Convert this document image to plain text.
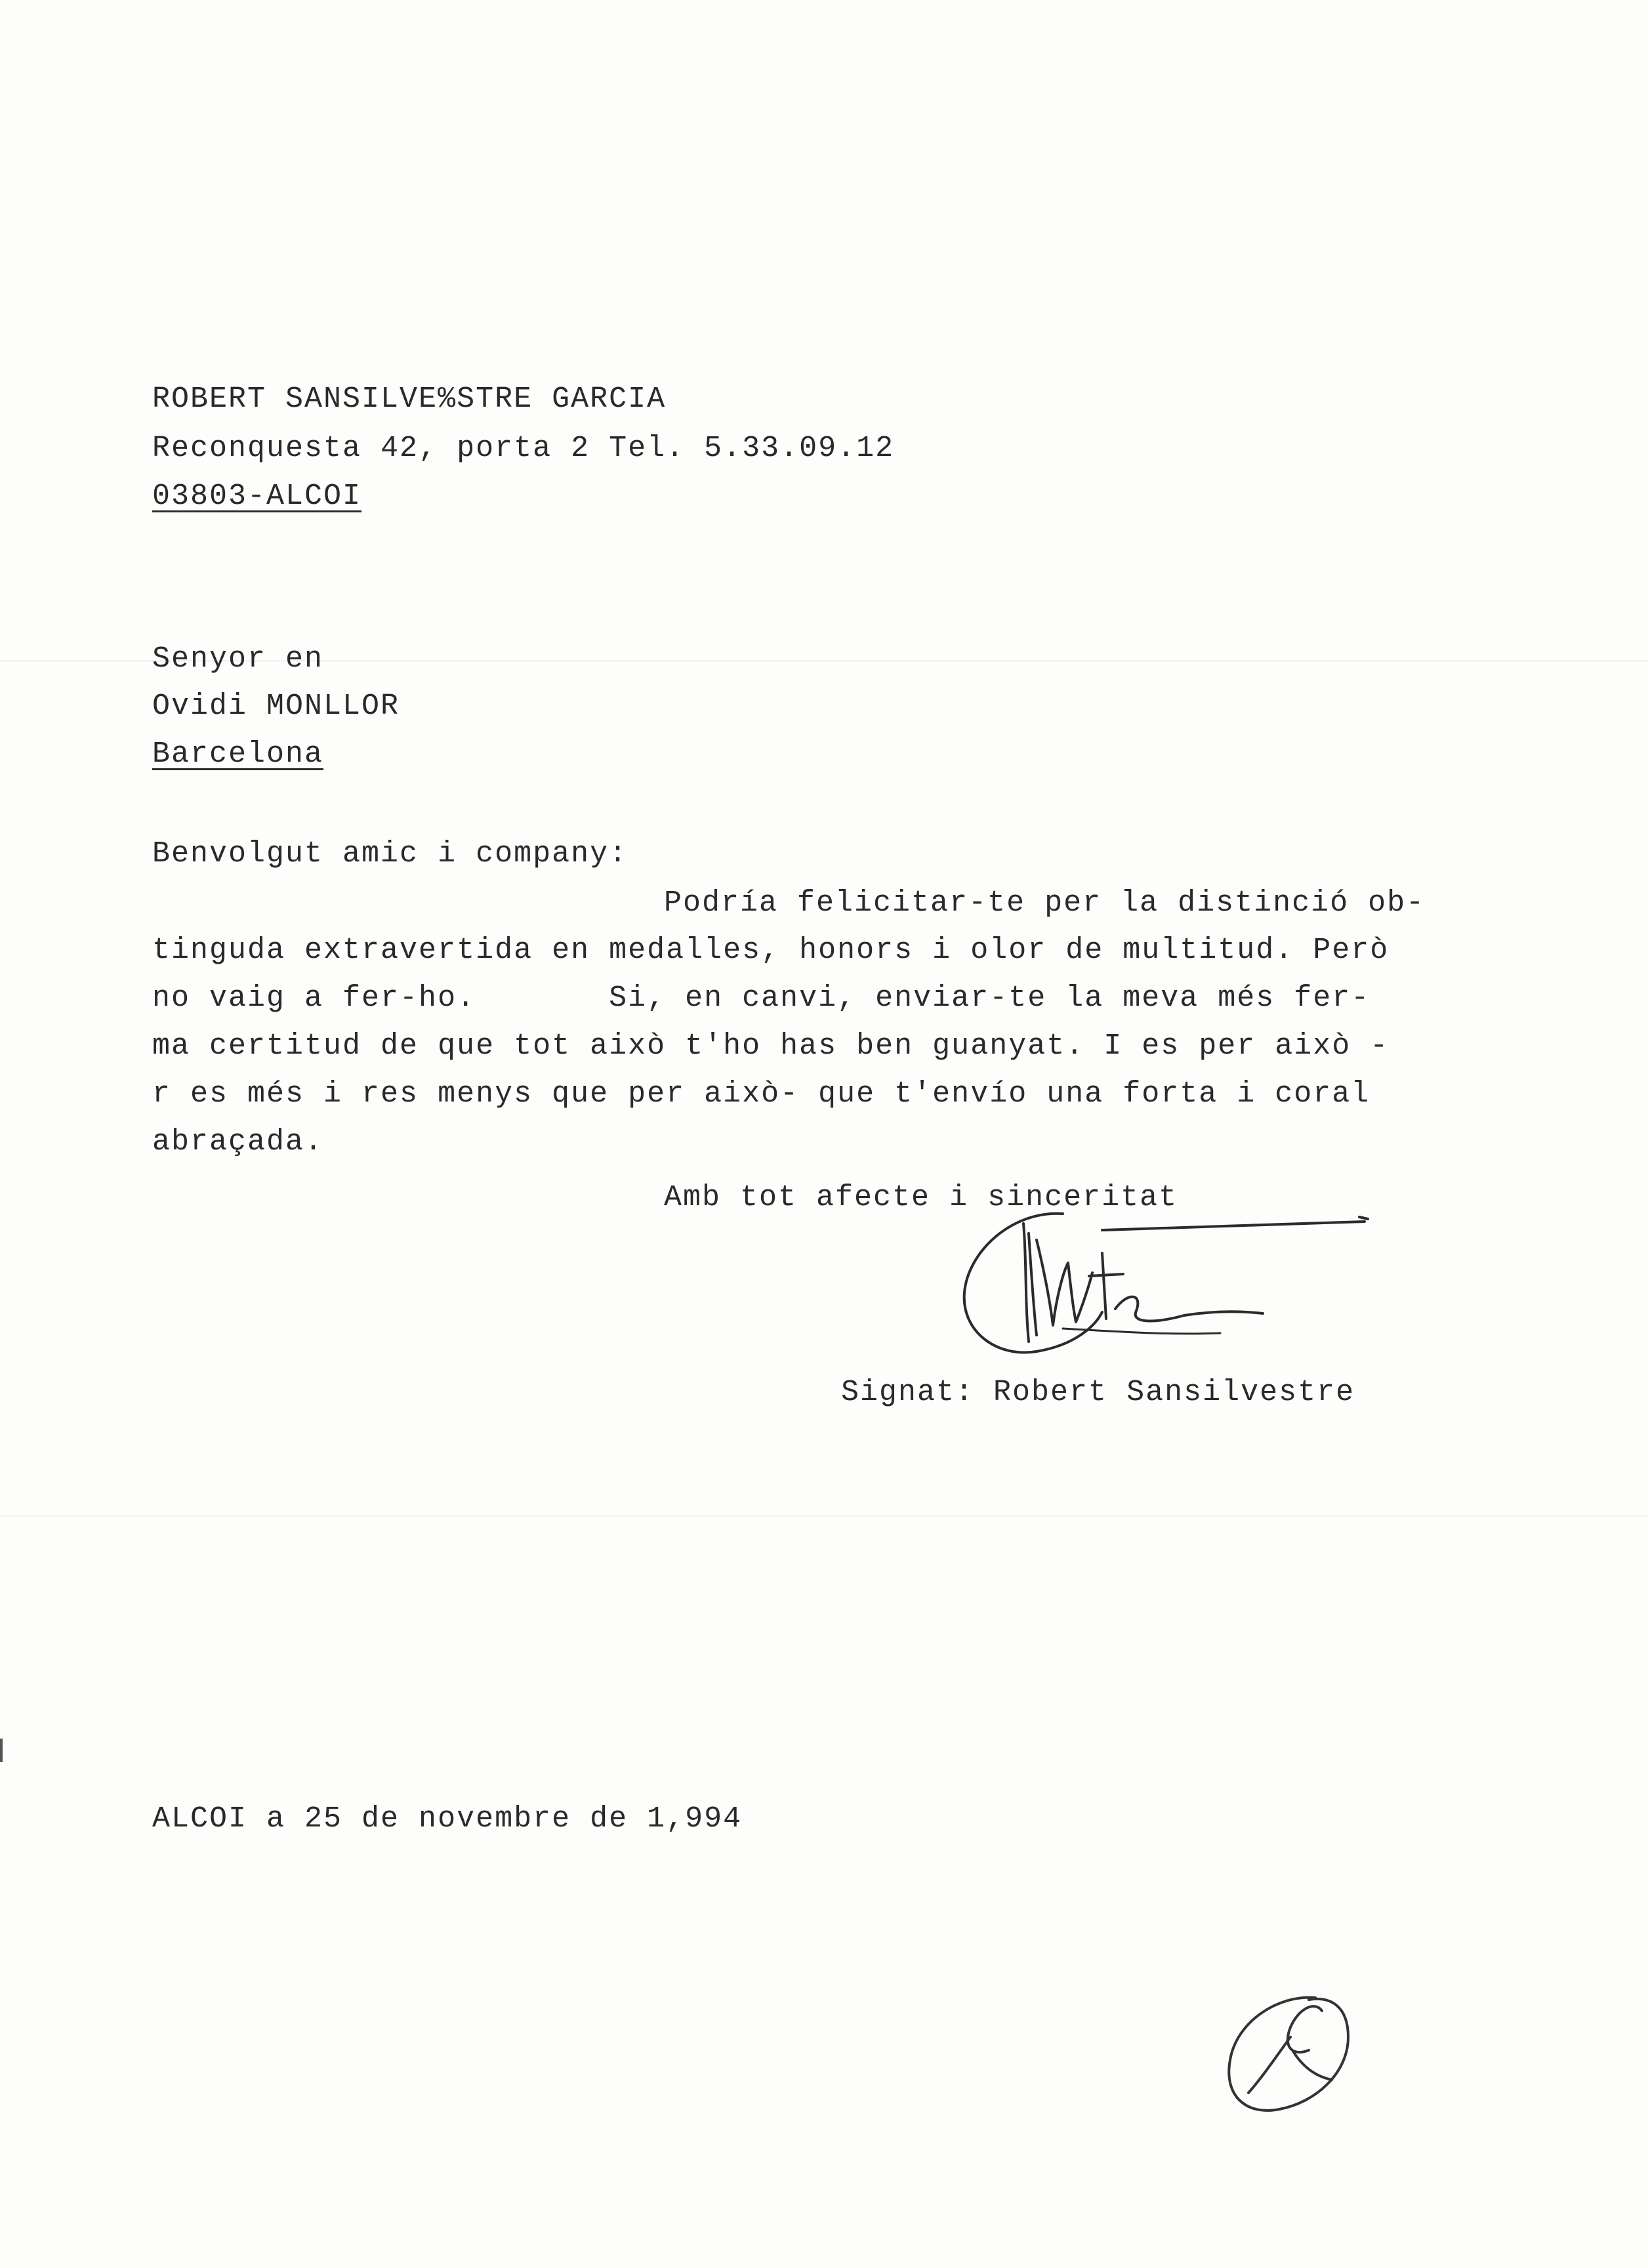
ROBERT SANSILVE%STRE GARCIA

Reconquesta 42, porta 2 Tel. 5.33.09.12

03803-ALCOI

Senyor en

Ovidi MONLLOR

Barcelona

Benvolgut amic i company:

Podría felicitar-te per la distinció ob-

tinguda extravertida en medalles, honors i olor de multitud. Però

no vaig a fer-ho.       Si, en canvi, enviar-te la meva més fer-

ma certitud de que tot això t'ho has ben guanyat. I es per això -

r es més i res menys que per això- que t'envío una forta i coral

abraçada.

Amb tot afecte i sinceritat

Signat: Robert Sansilvestre

ALCOI a 25 de novembre de 1,994
